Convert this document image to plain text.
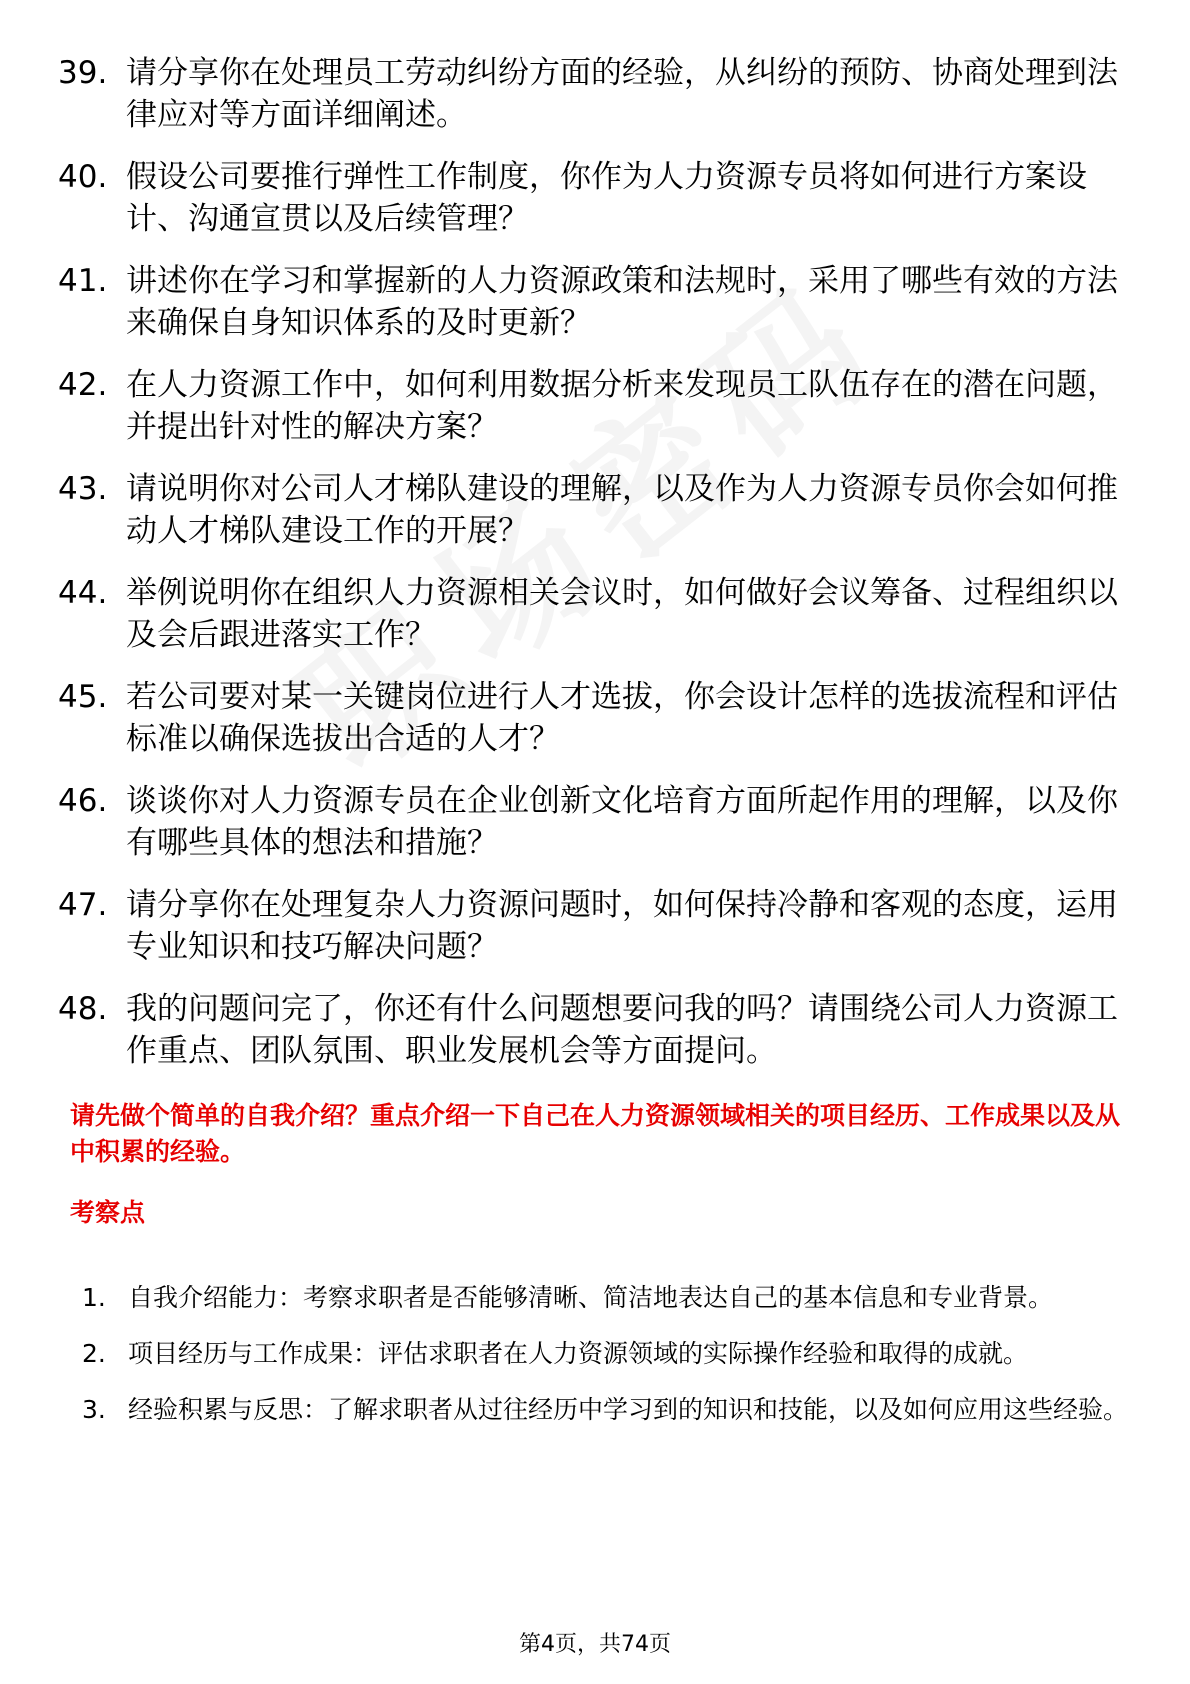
39. 请分享你在处理员工劳动纠纷方面的经验，从纠纷的预防、协商处理到法律应对等方面详细阐述。
40. 假设公司要推行弹性工作制度，你作为人力资源专员将如何进行方案设计、沟通宣贯以及后续管理？
41. 讲述你在学习和掌握新的人力资源政策和法规时，采用了哪些有效的方法来确保自身知识体系的及时更新？
42. 在人力资源工作中，如何利用数据分析来发现员工队伍存在的潜在问题，并提出针对性的解决方案？
43. 请说明你对公司人才梯队建设的理解，以及作为人力资源专员你会如何推动人才梯队建设工作的开展？
44. 举例说明你在组织人力资源相关会议时，如何做好会议筹备、过程组织以及会后跟进落实工作？
45. 若公司要对某一关键岗位进行人才选拔，你会设计怎样的选拔流程和评估标准以确保选拔出合适的人才？
46. 谈谈你对人力资源专员在企业创新文化培育方面所起作用的理解，以及你有哪些具体的想法和措施？
47. 请分享你在处理复杂人力资源问题时，如何保持冷静和客观的态度，运用专业知识和技巧解决问题？
48. 我的问题问完了，你还有什么问题想要问我的吗？请围绕公司人力资源工作重点、团队氛围、职业发展机会等方面提问。
请先做个简单的自我介绍？重点介绍一下自己在人力资源领域相关的项目经历、工作成果以及从中积累的经验。
考察点
1. 自我介绍能力：考察求职者是否能够清晰、简洁地表达自己的基本信息和专业背景。
2. 项目经历与工作成果：评估求职者在人力资源领域的实际操作经验和取得的成就。
3. 经验积累与反思：了解求职者从过往经历中学习到的知识和技能，以及如何应用这些经验。
第4页，共74页
